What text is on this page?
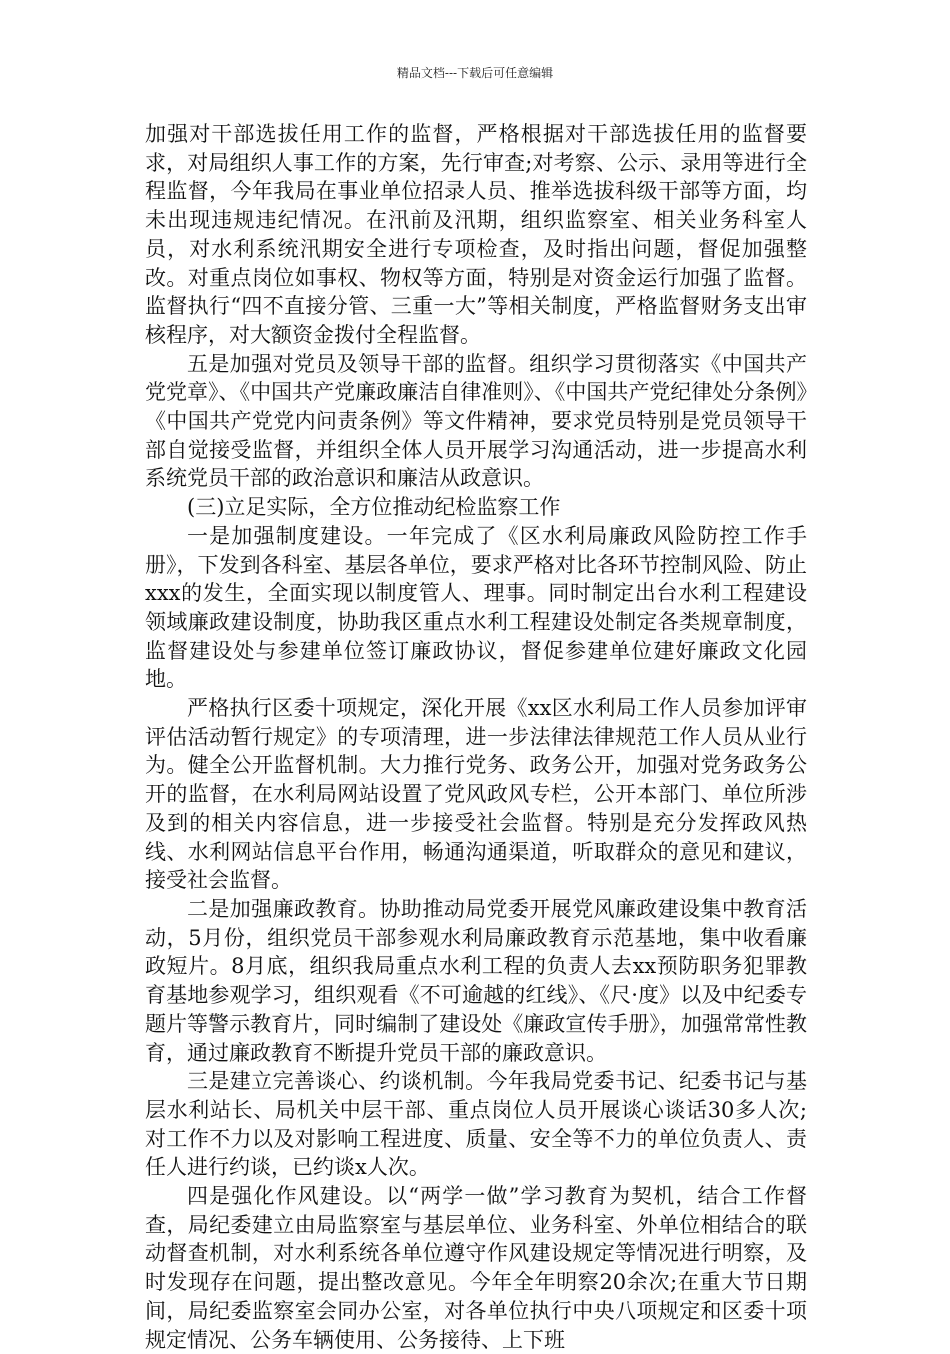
精品文档---下载后可任意编辑

加强对干部选拔任用工作的监督，严格根据对干部选拔任用的监督要求，对局组织人事工作的方案，先行审查;对考察、公示、录用等进行全程监督，今年我局在事业单位招录人员、推举选拔科级干部等方面，均未出现违规违纪情况。在汛前及汛期，组织监察室、相关业务科室人员，对水利系统汛期安全进行专项检查，及时指出问题，督促加强整改。对重点岗位如事权、物权等方面，特别是对资金运行加强了监督。监督执行“四不直接分管、三重一大”等相关制度，严格监督财务支出审核程序，对大额资金拨付全程监督。

五是加强对党员及领导干部的监督。组织学习贯彻落实《中国共产党党章》、《中国共产党廉政廉洁自律准则》、《中国共产党纪律处分条例》《中国共产党党内问责条例》等文件精神，要求党员特别是党员领导干部自觉接受监督，并组织全体人员开展学习沟通活动，进一步提高水利系统党员干部的政治意识和廉洁从政意识。

(三)立足实际，全方位推动纪检监察工作

一是加强制度建设。一年完成了《区水利局廉政风险防控工作手册》，下发到各科室、基层各单位，要求严格对比各环节控制风险、防止xxx的发生，全面实现以制度管人、理事。同时制定出台水利工程建设领域廉政建设制度，协助我区重点水利工程建设处制定各类规章制度，监督建设处与参建单位签订廉政协议，督促参建单位建好廉政文化园地。

严格执行区委十项规定，深化开展《xx区水利局工作人员参加评审评估活动暂行规定》的专项清理，进一步法律法律规范工作人员从业行为。健全公开监督机制。大力推行党务、政务公开，加强对党务政务公开的监督，在水利局网站设置了党风政风专栏，公开本部门、单位所涉及到的相关内容信息，进一步接受社会监督。特别是充分发挥政风热线、水利网站信息平台作用，畅通沟通渠道，听取群众的意见和建议，接受社会监督。

二是加强廉政教育。协助推动局党委开展党风廉政建设集中教育活动，5月份，组织党员干部参观水利局廉政教育示范基地，集中收看廉政短片。8月底，组织我局重点水利工程的负责人去xx预防职务犯罪教育基地参观学习，组织观看《不可逾越的红线》、《尺·度》以及中纪委专题片等警示教育片，同时编制了建设处《廉政宣传手册》，加强常常性教育，通过廉政教育不断提升党员干部的廉政意识。

三是建立完善谈心、约谈机制。今年我局党委书记、纪委书记与基层水利站长、局机关中层干部、重点岗位人员开展谈心谈话30多人次;对工作不力以及对影响工程进度、质量、安全等不力的单位负责人、责任人进行约谈，已约谈x人次。

四是强化作风建设。以“两学一做”学习教育为契机，结合工作督查，局纪委建立由局监察室与基层单位、业务科室、外单位相结合的联动督查机制，对水利系统各单位遵守作风建设规定等情况进行明察，及时发现存在问题，提出整改意见。今年全年明察20余次;在重大节日期间，局纪委监察室会同办公室，对各单位执行中央八项规定和区委十项规定情况、公务车辆使用、公务接待、上下班
